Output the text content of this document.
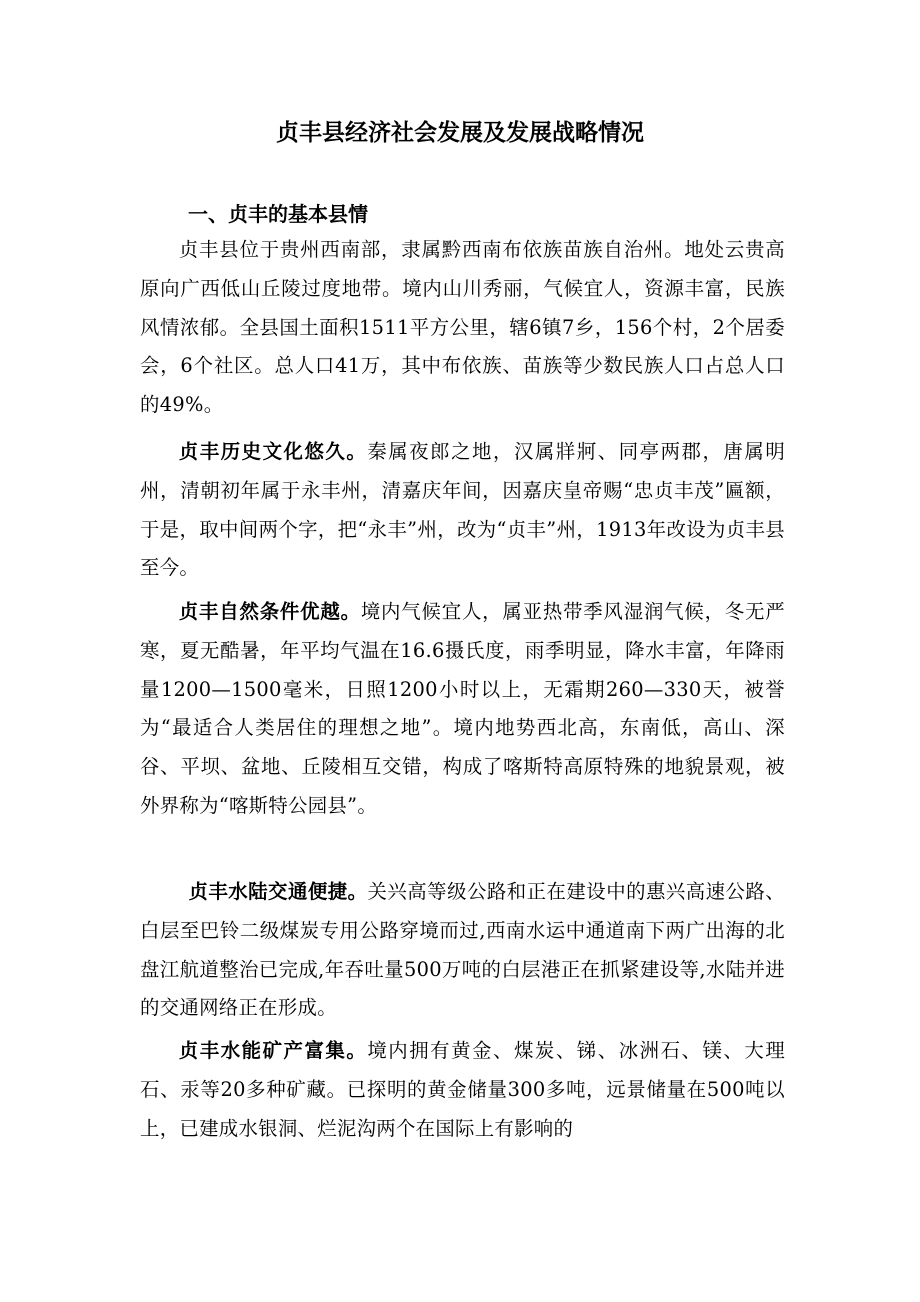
贞丰县经济社会发展及发展战略情况
一、贞丰的基本县情

贞丰县位于贵州西南部，隶属黔西南布依族苗族自治州。地处云贵高原向广西低山丘陵过度地带。境内山川秀丽，气候宜人，资源丰富，民族风情浓郁。全县国土面积1511平方公里，辖6镇7乡，156个村，2个居委会，6个社区。总人口41万，其中布依族、苗族等少数民族人口占总人口的49%。

贞丰历史文化悠久。秦属夜郎之地，汉属牂牁、同亭两郡，唐属明州，清朝初年属于永丰州，清嘉庆年间，因嘉庆皇帝赐“忠贞丰茂”匾额，于是，取中间两个字，把“永丰”州，改为“贞丰”州，1913年改设为贞丰县至今。

贞丰自然条件优越。境内气候宜人，属亚热带季风湿润气候，冬无严寒，夏无酷暑，年平均气温在16.6摄氏度，雨季明显，降水丰富，年降雨量1200—1500毫米，日照1200小时以上，无霜期260—330天，被誉为“最适合人类居住的理想之地”。境内地势西北高，东南低，高山、深谷、平坝、盆地、丘陵相互交错，构成了喀斯特高原特殊的地貌景观，被外界称为“喀斯特公园县”。

贞丰水陆交通便捷。关兴高等级公路和正在建设中的惠兴高速公路、白层至巴铃二级煤炭专用公路穿境而过,西南水运中通道南下两广出海的北盘江航道整治已完成,年吞吐量500万吨的白层港正在抓紧建设等,水陆并进的交通网络正在形成。

贞丰水能矿产富集。境内拥有黄金、煤炭、锑、冰洲石、镁、大理石、汞等20多种矿藏。已探明的黄金储量300多吨，远景储量在500吨以上，已建成水银洞、烂泥沟两个在国际上有影响的
